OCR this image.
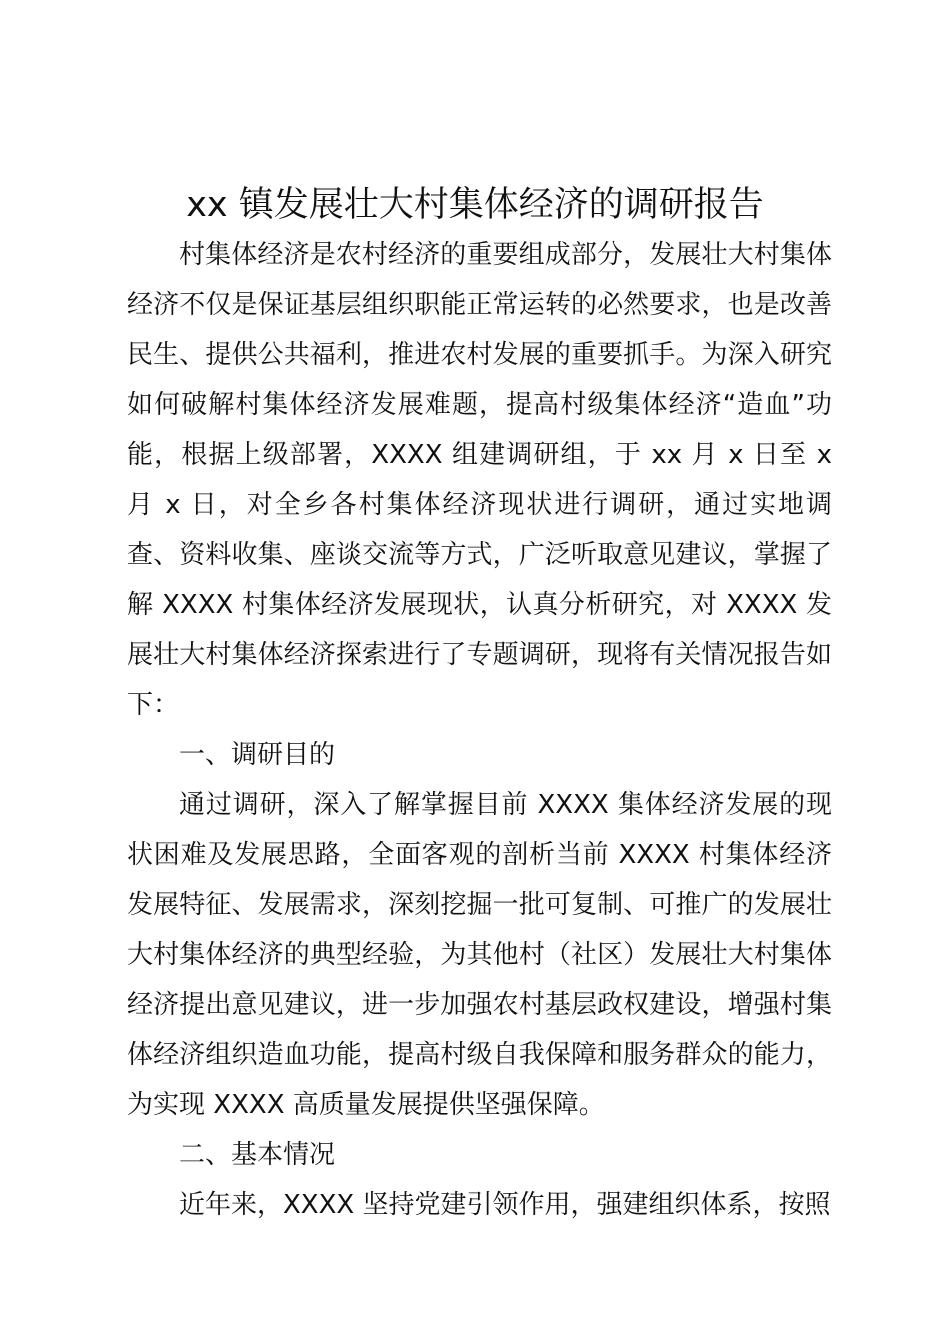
xx 镇发展壮大村集体经济的调研报告

村集体经济是农村经济的重要组成部分，发展壮大村集体经济不仅是保证基层组织职能正常运转的必然要求，也是改善民生、提供公共福利，推进农村发展的重要抓手。为深入研究如何破解村集体经济发展难题，提高村级集体经济“造血”功能，根据上级部署，XXXX 组建调研组，于 xx 月 x 日至 x 月 x 日，对全乡各村集体经济现状进行调研，通过实地调查、资料收集、座谈交流等方式，广泛听取意见建议，掌握了解 XXXX 村集体经济发展现状，认真分析研究，对 XXXX 发展壮大村集体经济探索进行了专题调研，现将有关情况报告如下：

一、调研目的

通过调研，深入了解掌握目前 XXXX 集体经济发展的现状困难及发展思路，全面客观的剖析当前 XXXX 村集体经济发展特征、发展需求，深刻挖掘一批可复制、可推广的发展壮大村集体经济的典型经验，为其他村（社区）发展壮大村集体经济提出意见建议，进一步加强农村基层政权建设，增强村集体经济组织造血功能，提高村级自我保障和服务群众的能力，为实现 XXXX 高质量发展提供坚强保障。

二、基本情况

近年来，XXXX 坚持党建引领作用，强建组织体系，按照
